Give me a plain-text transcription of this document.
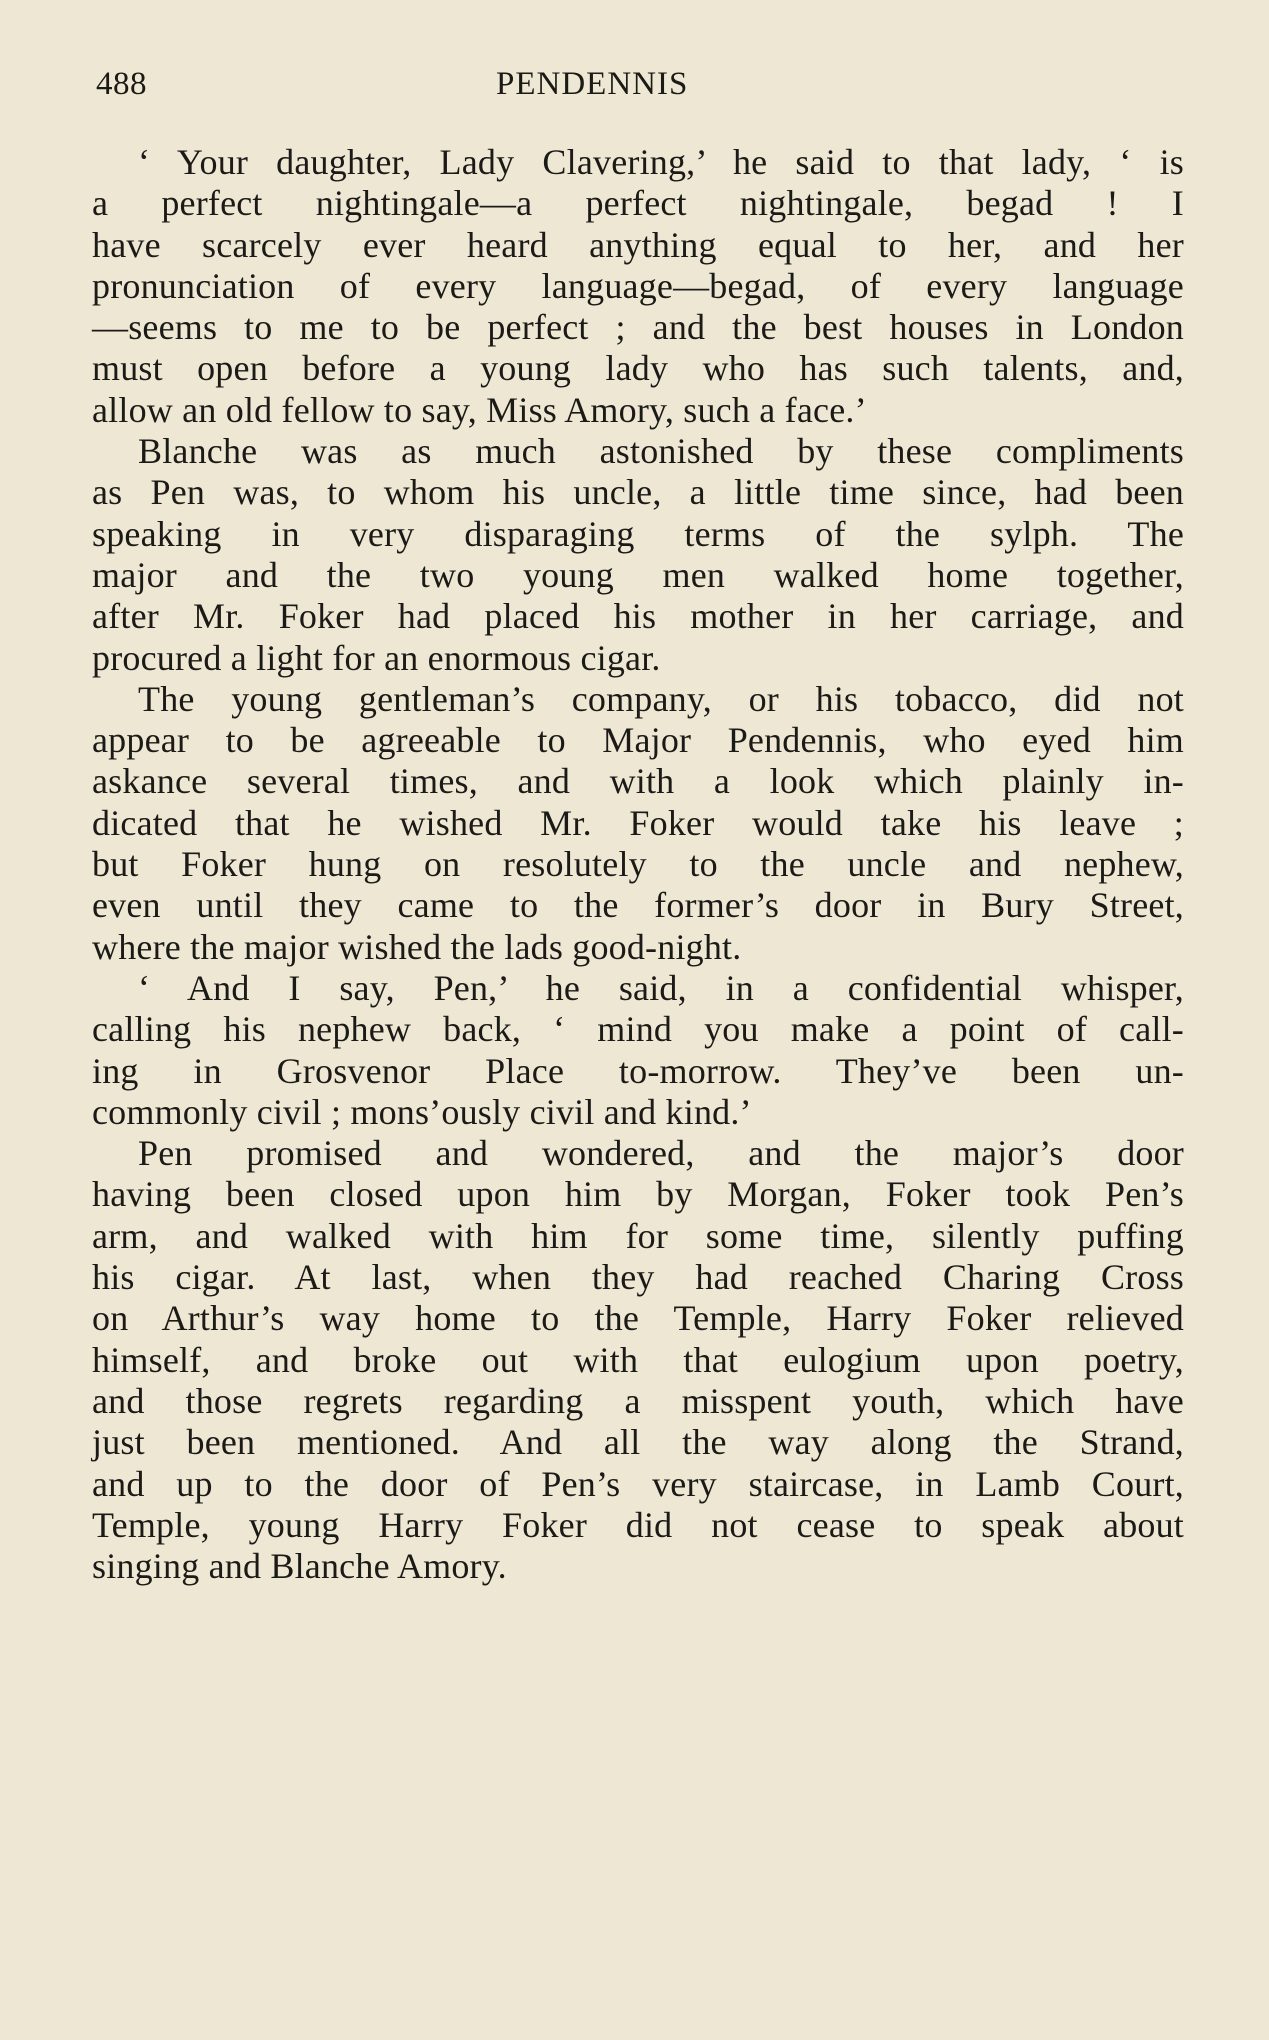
488	PENDENNIS
‘ Your daughter, Lady Clavering,’ he said to that lady, ‘ is
a perfect nightingale—a perfect nightingale, begad ! I
have scarcely ever heard anything equal to her, and her
pronunciation of every language—begad, of every language
—seems to me to be perfect ; and the best houses in London
must open before a young lady who has such talents, and,
allow an old fellow to say, Miss Amory, such a face.’
Blanche was as much astonished by these compliments
as Pen was, to whom his uncle, a little time since, had been
speaking in very disparaging terms of the sylph. The
major and the two young men walked home together,
after Mr. Foker had placed his mother in her carriage, and
procured a light for an enormous cigar.
The young gentleman’s company, or his tobacco, did not
appear to be agreeable to Major Pendennis, who eyed him
askance several times, and with a look which plainly in-
dicated that he wished Mr. Foker would take his leave ;
but Foker hung on resolutely to the uncle and nephew,
even until they came to the former’s door in Bury Street,
where the major wished the lads good-night.
‘ And I say, Pen,’ he said, in a confidential whisper,
calling his nephew back, ‘ mind you make a point of call-
ing in Grosvenor Place to-morrow. They’ve been un-
commonly civil ; mons’ously civil and kind.’
Pen promised and wondered, and the major’s door
having been closed upon him by Morgan, Foker took Pen’s
arm, and walked with him for some time, silently puffing
his cigar. At last, when they had reached Charing Cross
on Arthur’s way home to the Temple, Harry Foker relieved
himself, and broke out with that eulogium upon poetry,
and those regrets regarding a misspent youth, which have
just been mentioned. And all the way along the Strand,
and up to the door of Pen’s very staircase, in Lamb Court,
Temple, young Harry Foker did not cease to speak about
singing and Blanche Amory.
